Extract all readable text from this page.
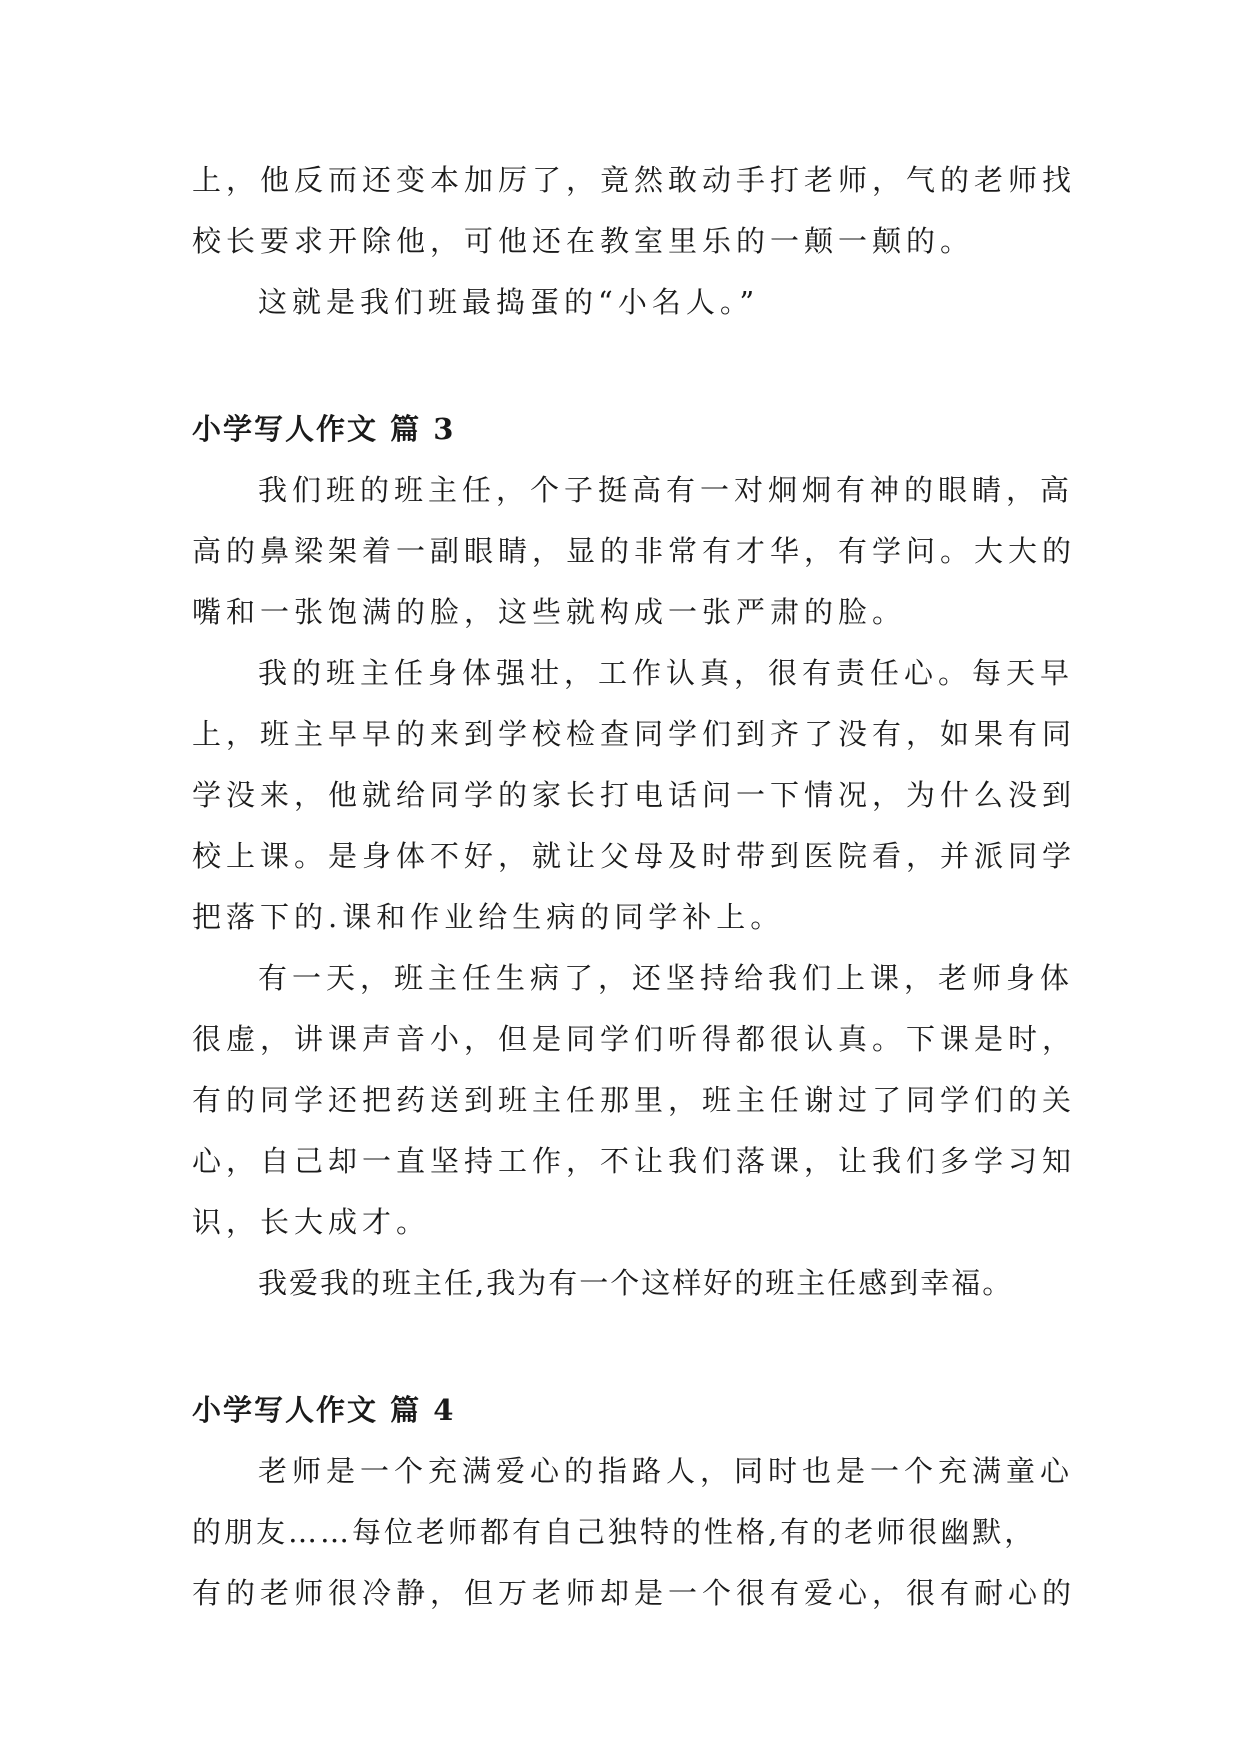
上，他反而还变本加厉了，竟然敢动手打老师，气的老师找

校长要求开除他，可他还在教室里乐的一颠一颠的。

这就是我们班最捣蛋的“小名人。”

小学写人作文 篇 3

我们班的班主任，个子挺高有一对炯炯有神的眼睛，高

高的鼻梁架着一副眼睛，显的非常有才华，有学问。大大的

嘴和一张饱满的脸，这些就构成一张严肃的脸。

我的班主任身体强壮，工作认真，很有责任心。每天早

上，班主早早的来到学校检查同学们到齐了没有，如果有同

学没来，他就给同学的家长打电话问一下情况，为什么没到

校上课。是身体不好，就让父母及时带到医院看，并派同学

把落下的.课和作业给生病的同学补上。

有一天，班主任生病了，还坚持给我们上课，老师身体

很虚，讲课声音小，但是同学们听得都很认真。下课是时，

有的同学还把药送到班主任那里，班主任谢过了同学们的关

心，自己却一直坚持工作，不让我们落课，让我们多学习知

识，长大成才。

我爱我的班主任,我为有一个这样好的班主任感到幸福。

小学写人作文 篇 4

老师是一个充满爱心的指路人，同时也是一个充满童心

的朋友……每位老师都有自己独特的性格,有的老师很幽默，

有的老师很冷静，但万老师却是一个很有爱心，很有耐心的
